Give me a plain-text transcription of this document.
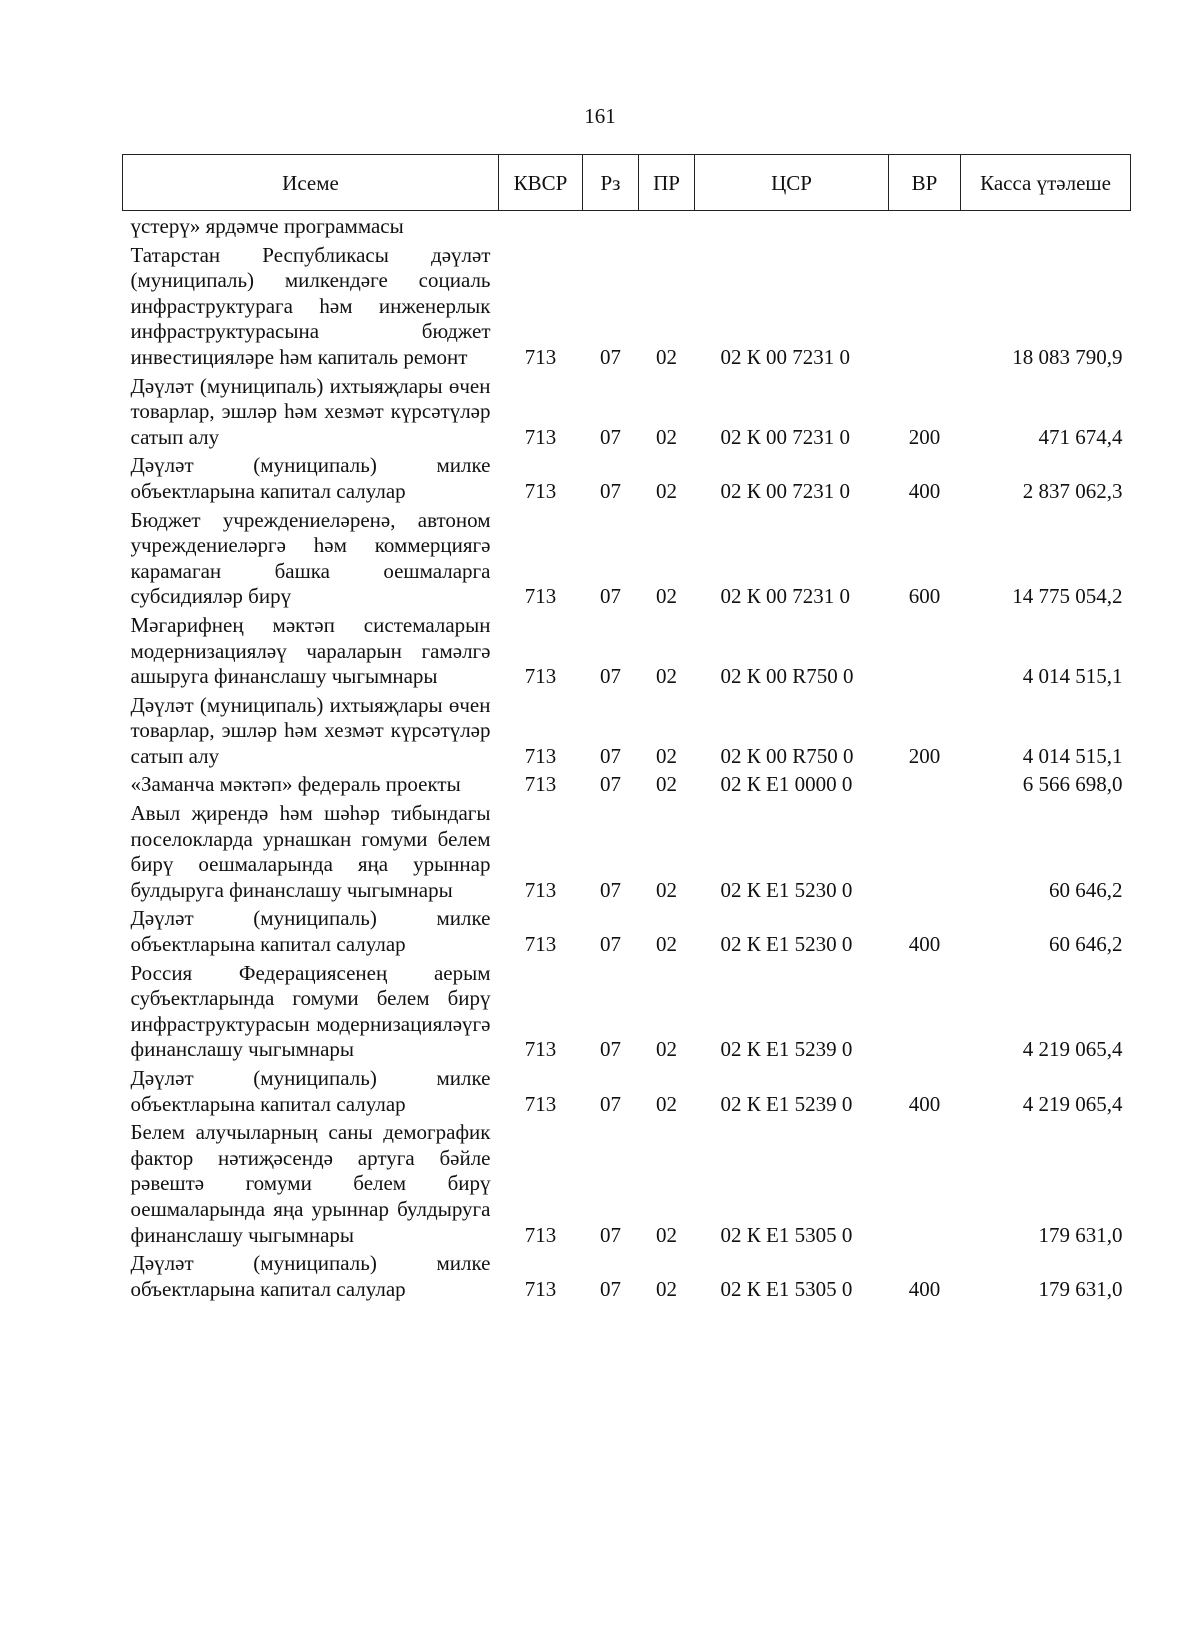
161
Исеме	КВСР	Рз	ПР	ЦСР	ВР	Касса үтәлеше
үстерү» ярдәмче программасы						
Татарстан Республикасы дәүләт (муниципаль) милкендәге социаль инфраструктурага һәм инженерлык инфраструктурасына бюджет инвестицияләре һәм капиталь ремонт	713	07	02	02 К 00 7231 0		18 083 790,9
Дәүләт (муниципаль) ихтыяҗлары өчен товарлар, эшләр һәм хезмәт күрсәтүләр сатып алу	713	07	02	02 К 00 7231 0	200	471 674,4
Дәүләт (муниципаль) милке объектларына капитал салулар	713	07	02	02 К 00 7231 0	400	2 837 062,3
Бюджет учреждениеләренә, автоном учреждениеләргә һәм коммерциягә карамаган башка оешмаларга субсидияләр бирү	713	07	02	02 К 00 7231 0	600	14 775 054,2
Мәгарифнең мәктәп системаларын модернизацияләү чараларын гамәлгә ашыруга финанслашу чыгымнары	713	07	02	02 К 00 R750 0		4 014 515,1
Дәүләт (муниципаль) ихтыяҗлары өчен товарлар, эшләр һәм хезмәт күрсәтүләр сатып алу	713	07	02	02 К 00 R750 0	200	4 014 515,1
«Заманча мәктәп» федераль проекты	713	07	02	02 К Е1 0000 0		6 566 698,0
Авыл җирендә һәм шәһәр тибындагы поселокларда урнашкан гомуми белем бирү оешмаларында яңа урыннар булдыруга финанслашу чыгымнары	713	07	02	02 К Е1 5230 0		60 646,2
Дәүләт (муниципаль) милке объектларына капитал салулар	713	07	02	02 К Е1 5230 0	400	60 646,2
Россия Федерациясенең аерым субъектларында гомуми белем бирү инфраструктурасын модернизацияләүгә финанслашу чыгымнары	713	07	02	02 К Е1 5239 0		4 219 065,4
Дәүләт (муниципаль) милке объектларына капитал салулар	713	07	02	02 К Е1 5239 0	400	4 219 065,4
Белем алучыларның саны демографик фактор нәтиҗәсендә артуга бәйле рәвештә гомуми белем бирү оешмаларында яңа урыннар булдыруга финанслашу чыгымнары	713	07	02	02 К Е1 5305 0		179 631,0
Дәүләт (муниципаль) милке объектларына капитал салулар	713	07	02	02 К Е1 5305 0	400	179 631,0
